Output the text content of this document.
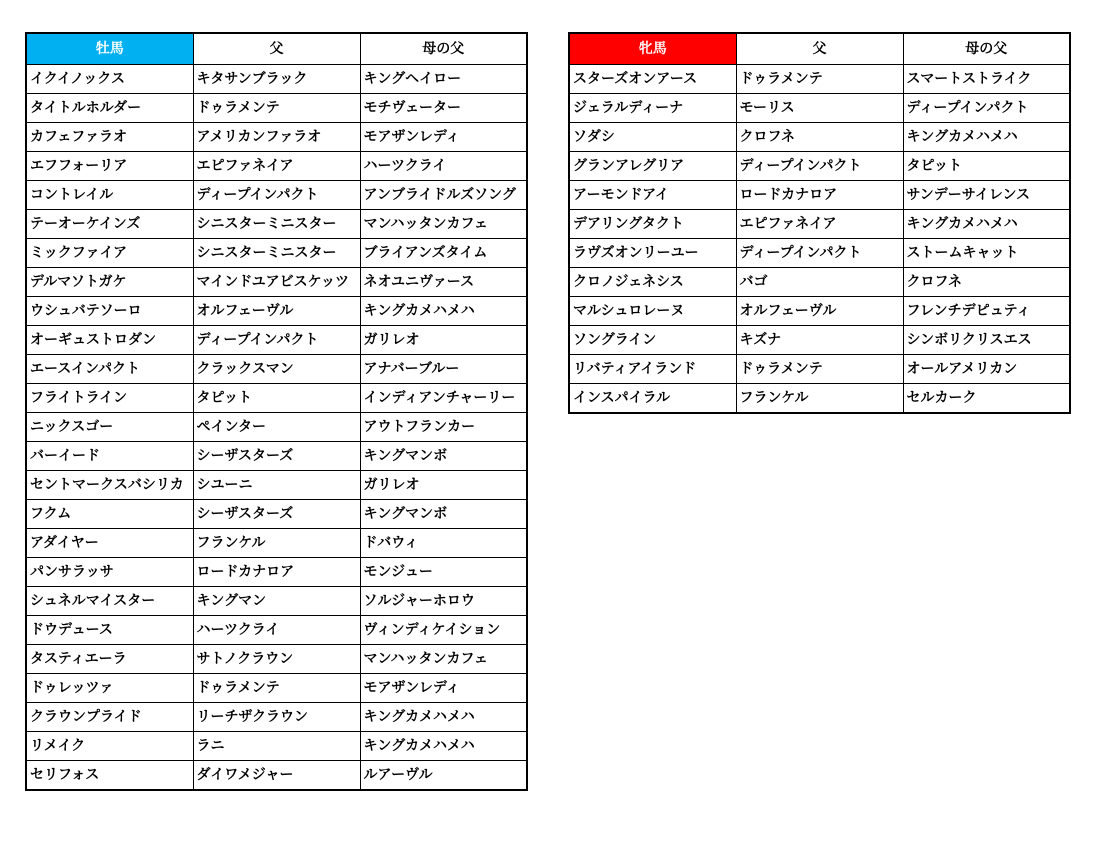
牡馬	父	母の父
イクイノックス	キタサンブラック	キングヘイロー
タイトルホルダー	ドゥラメンテ	モチヴェーター
カフェファラオ	アメリカンファラオ	モアザンレディ
エフフォーリア	エピファネイア	ハーツクライ
コントレイル	ディープインパクト	アンブライドルズソング
テーオーケインズ	シニスターミニスター	マンハッタンカフェ
ミックファイア	シニスターミニスター	ブライアンズタイム
デルマソトガケ	マインドユアビスケッツ	ネオユニヴァース
ウシュバテソーロ	オルフェーヴル	キングカメハメハ
オーギュストロダン	ディープインパクト	ガリレオ
エースインパクト	クラックスマン	アナバーブルー
フライトライン	タピット	インディアンチャーリー
ニックスゴー	ペインター	アウトフランカー
バーイード	シーザスターズ	キングマンボ
セントマークスバシリカ	シユーニ	ガリレオ
フクム	シーザスターズ	キングマンボ
アダイヤー	フランケル	ドバウィ
パンサラッサ	ロードカナロア	モンジュー
シュネルマイスター	キングマン	ソルジャーホロウ
ドウデュース	ハーツクライ	ヴィンディケイション
タスティエーラ	サトノクラウン	マンハッタンカフェ
ドゥレッツァ	ドゥラメンテ	モアザンレディ
クラウンプライド	リーチザクラウン	キングカメハメハ
リメイク	ラニ	キングカメハメハ
セリフォス	ダイワメジャー	ルアーヴル
牝馬	父	母の父
スターズオンアース	ドゥラメンテ	スマートストライク
ジェラルディーナ	モーリス	ディープインパクト
ソダシ	クロフネ	キングカメハメハ
グランアレグリア	ディープインパクト	タピット
アーモンドアイ	ロードカナロア	サンデーサイレンス
デアリングタクト	エピファネイア	キングカメハメハ
ラヴズオンリーユー	ディープインパクト	ストームキャット
クロノジェネシス	バゴ	クロフネ
マルシュロレーヌ	オルフェーヴル	フレンチデピュティ
ソングライン	キズナ	シンボリクリスエス
リバティアイランド	ドゥラメンテ	オールアメリカン
インスパイラル	フランケル	セルカーク
